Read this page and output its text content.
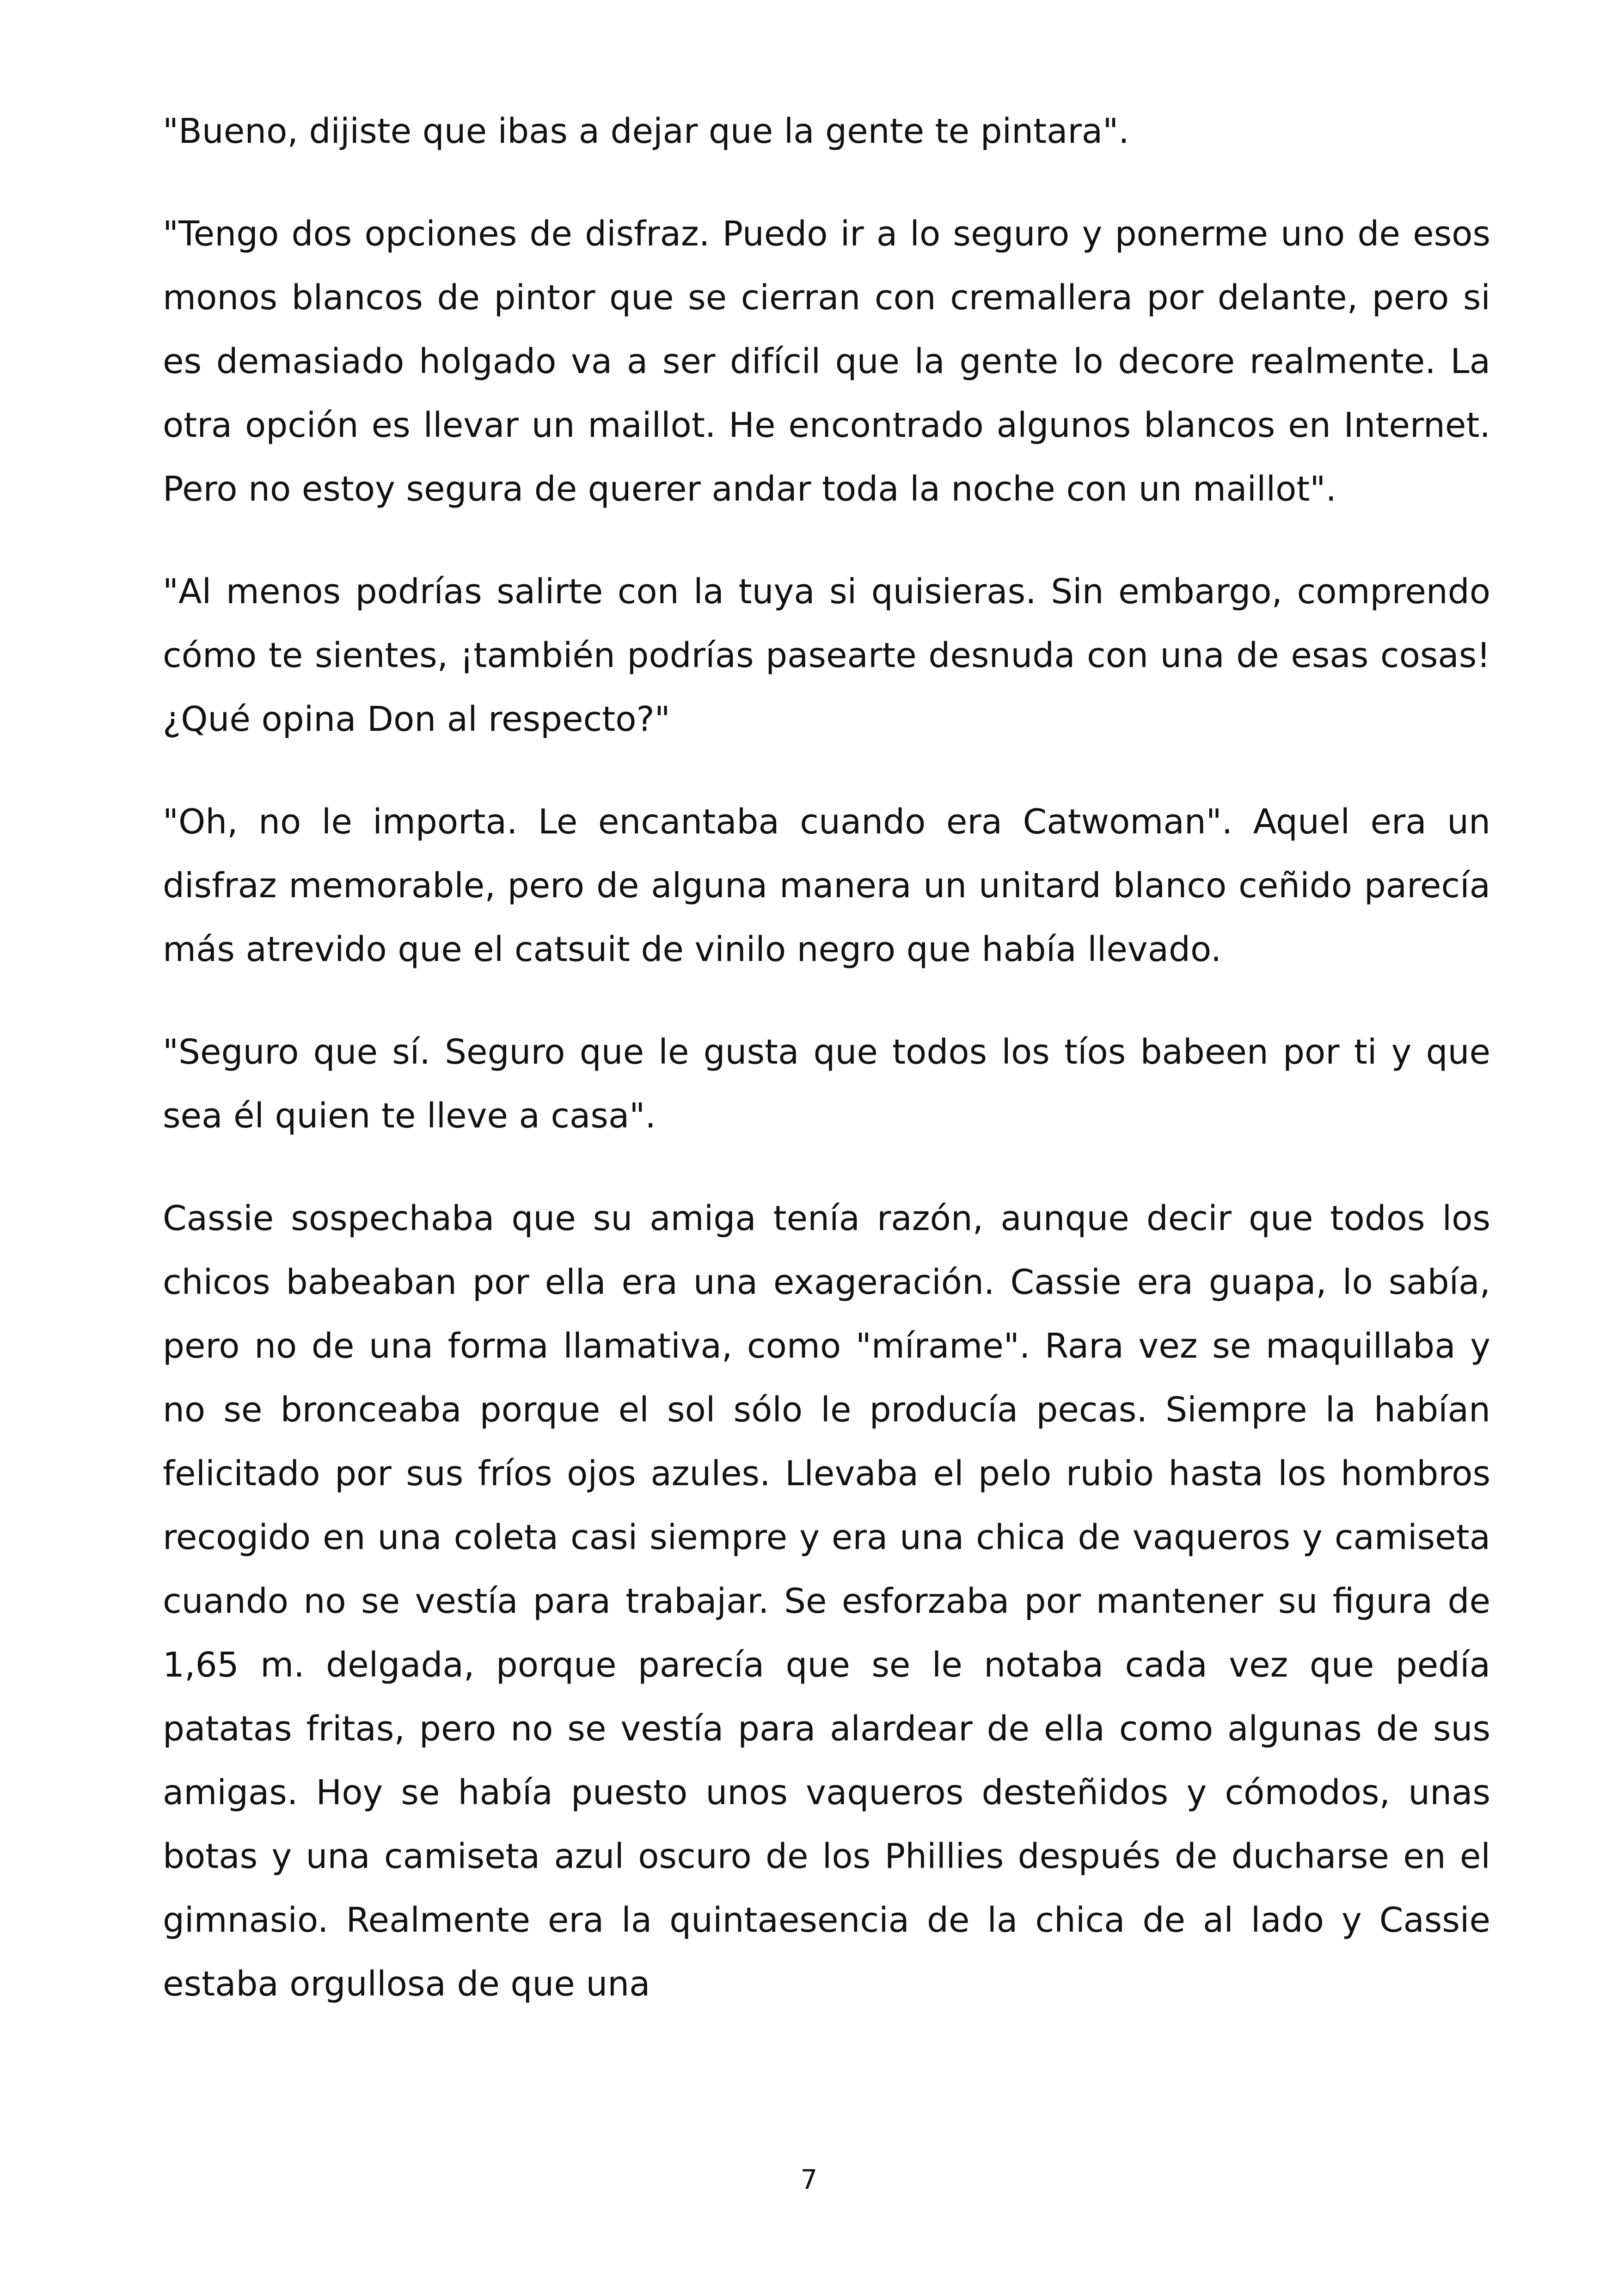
"Bueno, dijiste que ibas a dejar que la gente te pintara".

"Tengo dos opciones de disfraz. Puedo ir a lo seguro y ponerme uno de esos monos blancos de pintor que se cierran con cremallera por delante, pero si es demasiado holgado va a ser difícil que la gente lo decore realmente. La otra opción es llevar un maillot. He encontrado algunos blancos en Internet. Pero no estoy segura de querer andar toda la noche con un maillot".

"Al menos podrías salirte con la tuya si quisieras. Sin embargo, comprendo cómo te sientes, ¡también podrías pasearte desnuda con una de esas cosas! ¿Qué opina Don al respecto?"

"Oh, no le importa. Le encantaba cuando era Catwoman". Aquel era un disfraz memorable, pero de alguna manera un unitard blanco ceñido parecía más atrevido que el catsuit de vinilo negro que había llevado.

"Seguro que sí. Seguro que le gusta que todos los tíos babeen por ti y que sea él quien te lleve a casa".

Cassie sospechaba que su amiga tenía razón, aunque decir que todos los chicos babeaban por ella era una exageración. Cassie era guapa, lo sabía, pero no de una forma llamativa, como "mírame". Rara vez se maquillaba y no se bronceaba porque el sol sólo le producía pecas. Siempre la habían felicitado por sus fríos ojos azules. Llevaba el pelo rubio hasta los hombros recogido en una coleta casi siempre y era una chica de vaqueros y camiseta cuando no se vestía para trabajar. Se esforzaba por mantener su figura de 1,65 m. delgada, porque parecía que se le notaba cada vez que pedía patatas fritas, pero no se vestía para alardear de ella como algunas de sus amigas. Hoy se había puesto unos vaqueros desteñidos y cómodos, unas botas y una camiseta azul oscuro de los Phillies después de ducharse en el gimnasio. Realmente era la quintaesencia de la chica de al lado y Cassie estaba orgullosa de que una

7
